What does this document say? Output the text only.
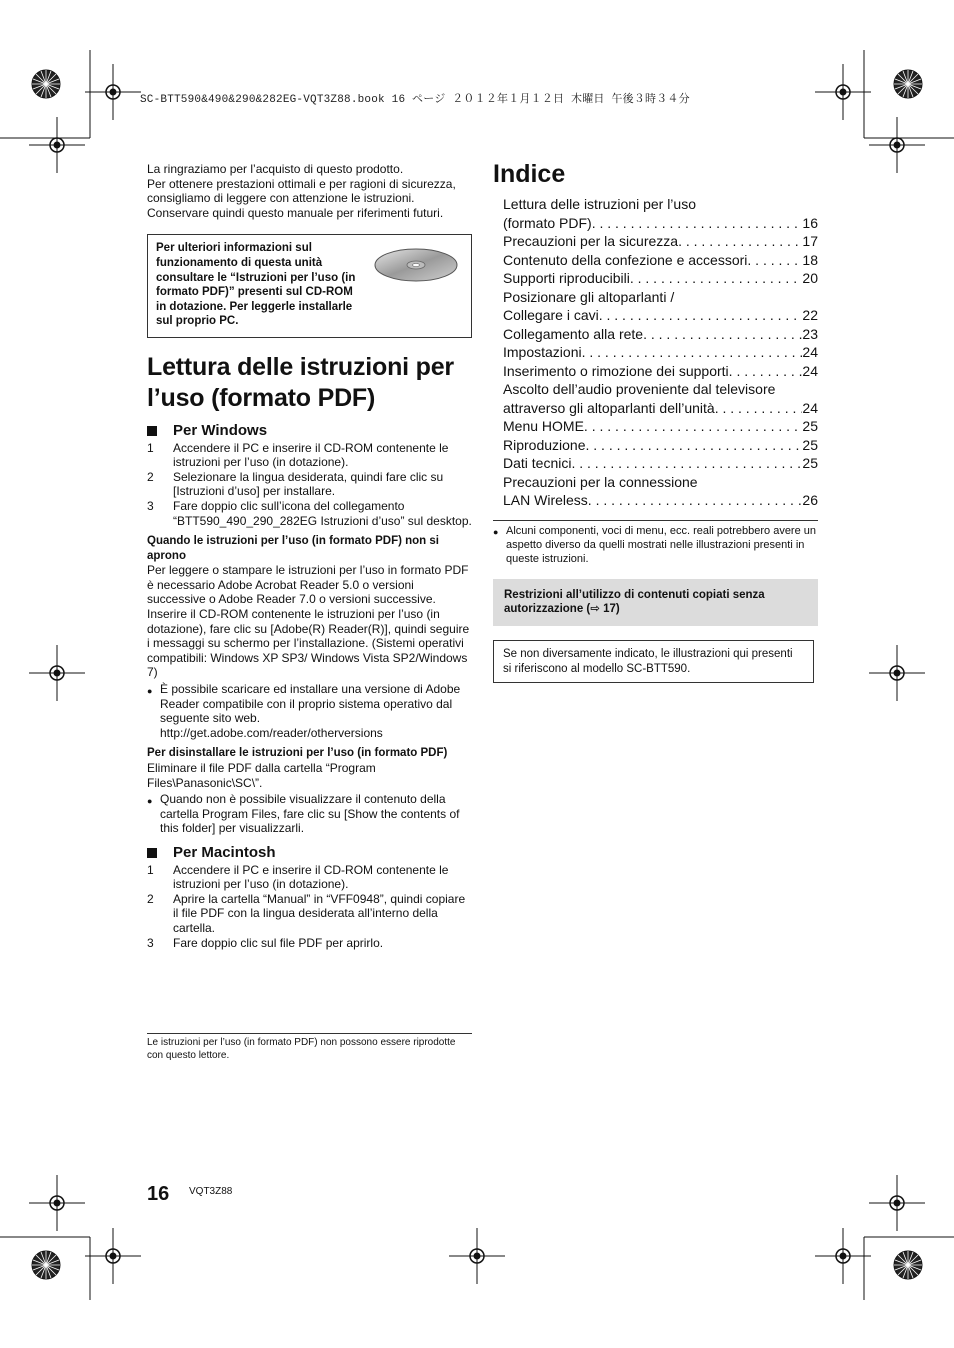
SC-BTT590&490&290&282EG-VQT3Z88.book 16 ページ ２０１２年１月１２日 木曜日 午後３時３４分

La ringraziamo per l’acquisto di questo prodotto.

Per ottenere prestazioni ottimali e per ragioni di sicurezza, consigliamo di leggere con attenzione le istruzioni.

Conservare quindi questo manuale per riferimenti futuri.

Per ulteriori informazioni sul funzionamento di questa unità consultare le “Istruzioni per l’uso (in formato PDF)” presenti sul CD-ROM in dotazione. Per leggerle installarle sul proprio PC.
Lettura delle istruzioni per l’uso (formato PDF)
Per Windows
1	Accendere il PC e inserire il CD-ROM contenente le istruzioni per l’uso (in dotazione).
2	Selezionare la lingua desiderata, quindi fare clic su [Istruzioni d’uso] per installare.
3	Fare doppio clic sull’icona del collegamento “BTT590_490_290_282EG Istruzioni d’uso” sul desktop.
Quando le istruzioni per l’uso (in formato PDF) non si aprono
Per leggere o stampare le istruzioni per l’uso in formato PDF è necessario Adobe Acrobat Reader 5.0 o versioni successive o Adobe Reader 7.0 o versioni successive. Inserire il CD-ROM contenente le istruzioni per l’uso (in dotazione), fare clic su [Adobe(R) Reader(R)], quindi seguire i messaggi su schermo per l’installazione. (Sistemi operativi compatibili: Windows XP SP3/ Windows Vista SP2/Windows 7)
● È possibile scaricare ed installare una versione di Adobe Reader compatibile con il proprio sistema operativo dal seguente sito web. http://get.adobe.com/reader/otherversions
Per disinstallare le istruzioni per l’uso (in formato PDF)
Eliminare il file PDF dalla cartella “Program Files\Panasonic\SC\”.
● Quando non è possibile visualizzare il contenuto della cartella Program Files, fare clic su [Show the contents of this folder] per visualizzarli.
Per Macintosh
1	Accendere il PC e inserire il CD-ROM contenente le istruzioni per l’uso (in dotazione).
2	Aprire la cartella “Manual” in “VFF0948”, quindi copiare il file PDF con la lingua desiderata all’interno della cartella.
3	Fare doppio clic sul file PDF per aprirlo.
Le istruzioni per l’uso (in formato PDF) non possono essere riprodotte con questo lettore.
Indice
Lettura delle istruzioni per l’uso
(formato PDF) . . .	16
Precauzioni per la sicurezza . . .	17
Contenuto della confezione e accessori . . .	18
Supporti riproducibili . . .	20
Posizionare gli altoparlanti /
Collegare i cavi . . .	22
Collegamento alla rete . . .	23
Impostazioni . . .	24
Inserimento o rimozione dei supporti . . .	24
Ascolto dell’audio proveniente dal televisore
attraverso gli altoparlanti dell’unità . . .	24
Menu HOME . . .	25
Riproduzione . . .	25
Dati tecnici . . .	25
Precauzioni per la connessione
LAN Wireless . . .	26
● Alcuni componenti, voci di menu, ecc. reali potrebbero avere un aspetto diverso da quelli mostrati nelle illustrazioni presenti in queste istruzioni.
Restrizioni all’utilizzo di contenuti copiati senza autorizzazione (⇨ 17)
Se non diversamente indicato, le illustrazioni qui presenti si riferiscono al modello SC-BTT590.
16 VQT3Z88
